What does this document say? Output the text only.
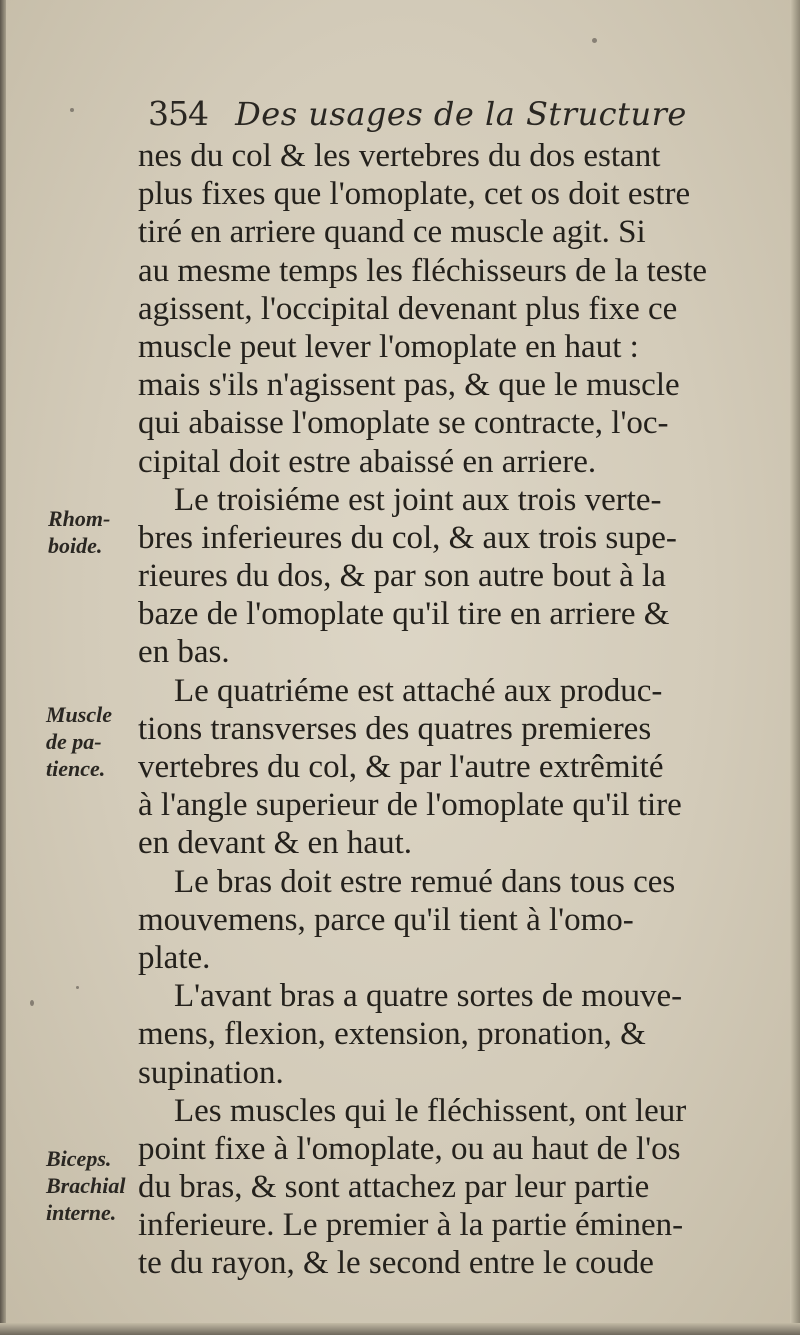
354 Des usages de la Structure
nes du col & les vertebres du dos estant
plus fixes que l'omoplate, cet os doit estre
tiré en arriere quand ce muscle agit. Si
au mesme temps les fléchisseurs de la teste
agissent, l'occipital devenant plus fixe ce
muscle peut lever l'omoplate en haut :
mais s'ils n'agissent pas, & que le muscle
qui abaisse l'omoplate se contracte, l'oc-
cipital doit estre abaissé en arriere.
Le troisiéme est joint aux trois verte-
bres inferieures du col, & aux trois supe-
rieures du dos, & par son autre bout à la
baze de l'omoplate qu'il tire en arriere &
en bas.
Le quatriéme est attaché aux produc-
tions transverses des quatres premieres
vertebres du col, & par l'autre extrêmité
à l'angle superieur de l'omoplate qu'il tire
en devant & en haut.
Le bras doit estre remué dans tous ces
mouvemens, parce qu'il tient à l'omo-
plate.
L'avant bras a quatre sortes de mouve-
mens, flexion, extension, pronation, &
supination.
Les muscles qui le fléchissent, ont leur
point fixe à l'omoplate, ou au haut de l'os
du bras, & sont attachez par leur partie
inferieure. Le premier à la partie éminen-
te du rayon, & le second entre le coude
Rhom-
boide.
Muscle
de pa-
tience.
Biceps.
Brachial
interne.
